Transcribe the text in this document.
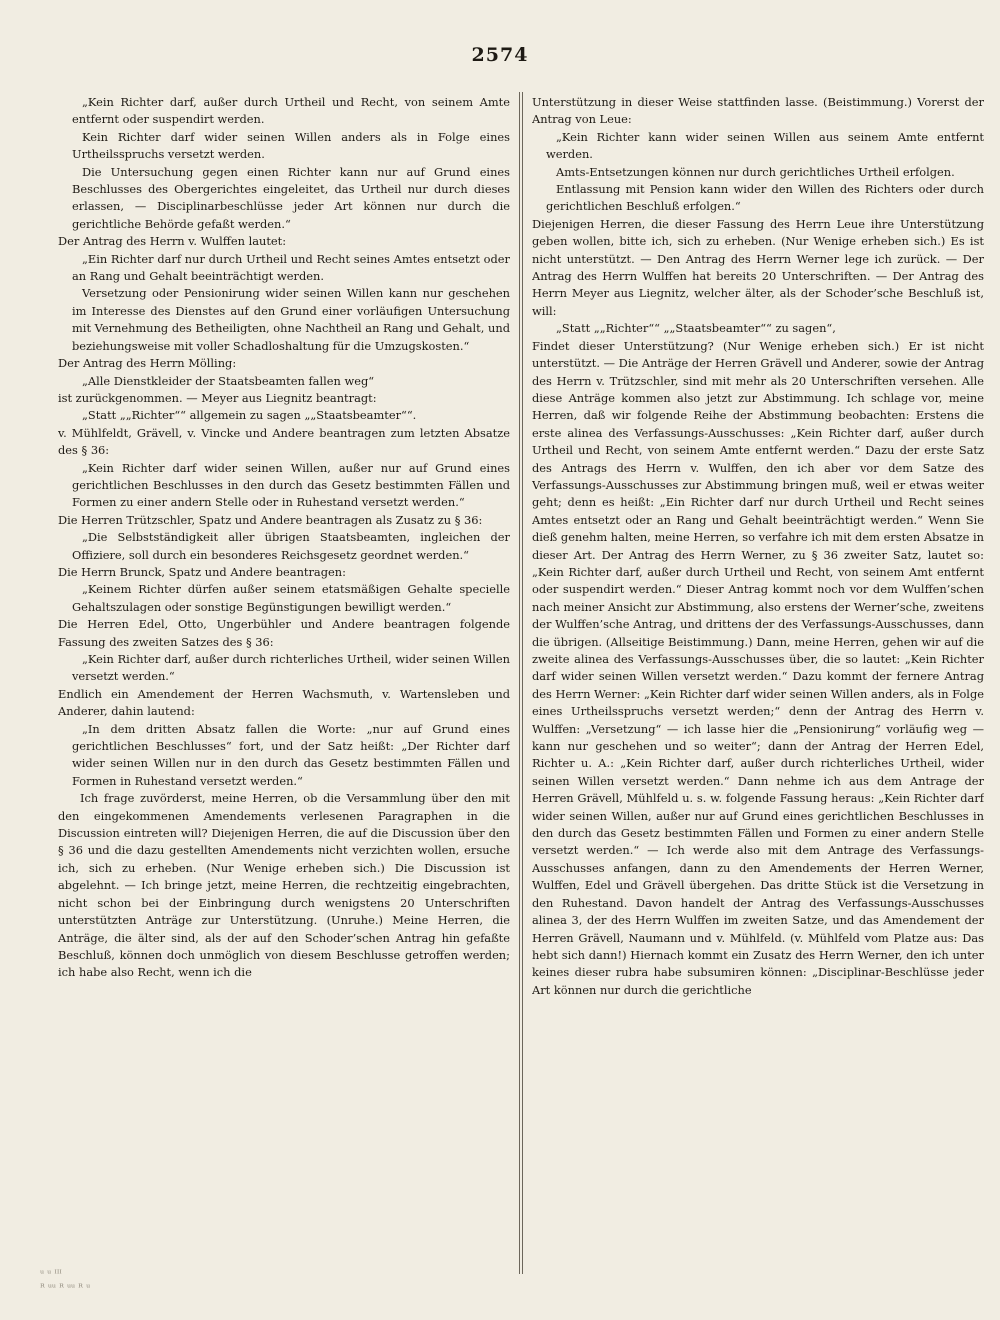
2574

„Kein Richter darf, außer durch Urtheil und Recht, von seinem Amte entfernt oder suspendirt werden.

Kein Richter darf wider seinen Willen anders als in Folge eines Urtheilsspruchs versetzt werden.

Die Untersuchung gegen einen Richter kann nur auf Grund eines Beschlusses des Obergerichtes eingeleitet, das Urtheil nur durch dieses erlassen, — Disciplinarbeschlüsse jeder Art können nur durch die gerichtliche Behörde gefaßt werden.“

Der Antrag des Herrn v. Wulffen lautet:

„Ein Richter darf nur durch Urtheil und Recht seines Amtes entsetzt oder an Rang und Gehalt beeinträchtigt werden.

Versetzung oder Pensionirung wider seinen Willen kann nur geschehen im Interesse des Dienstes auf den Grund einer vorläufigen Untersuchung mit Vernehmung des Betheiligten, ohne Nachtheil an Rang und Gehalt, und beziehungsweise mit voller Schadloshaltung für die Umzugskosten.“

Der Antrag des Herrn Mölling:

„Alle Dienstkleider der Staatsbeamten fallen weg“

ist zurückgenommen. — Meyer aus Liegnitz beantragt:

„Statt „„Richter““ allgemein zu sagen „„Staatsbeamter““.

v. Mühlfeldt, Grävell, v. Vincke und Andere beantragen zum letzten Absatze des § 36:

„Kein Richter darf wider seinen Willen, außer nur auf Grund eines gerichtlichen Beschlusses in den durch das Gesetz bestimmten Fällen und Formen zu einer andern Stelle oder in Ruhestand versetzt werden.“

Die Herren Trützschler, Spatz und Andere beantragen als Zusatz zu § 36:

„Die Selbstständigkeit aller übrigen Staatsbeamten, ingleichen der Offiziere, soll durch ein besonderes Reichsgesetz geordnet werden.“

Die Herrn Brunck, Spatz und Andere beantragen:

„Keinem Richter dürfen außer seinem etatsmäßigen Gehalte specielle Gehaltszulagen oder sonstige Begünstigungen bewilligt werden.“

Die Herren Edel, Otto, Ungerbühler und Andere beantragen folgende Fassung des zweiten Satzes des § 36:

„Kein Richter darf, außer durch richterliches Urtheil, wider seinen Willen versetzt werden.“

Endlich ein Amendement der Herren Wachsmuth, v. Wartensleben und Anderer, dahin lautend:

„In dem dritten Absatz fallen die Worte: „nur auf Grund eines gerichtlichen Beschlusses“ fort, und der Satz heißt: „Der Richter darf wider seinen Willen nur in den durch das Gesetz bestimmten Fällen und Formen in Ruhestand versetzt werden.“

Ich frage zuvörderst, meine Herren, ob die Versammlung über den mit den eingekommenen Amendements verlesenen Paragraphen in die Discussion eintreten will? Diejenigen Herren, die auf die Discussion über den § 36 und die dazu gestellten Amendements nicht verzichten wollen, ersuche ich, sich zu erheben. (Nur Wenige erheben sich.) Die Discussion ist abgelehnt. — Ich bringe jetzt, meine Herren, die rechtzeitig eingebrachten, nicht schon bei der Einbringung durch wenigstens 20 Unterschriften unterstützten Anträge zur Unterstützung. (Unruhe.) Meine Herren, die Anträge, die älter sind, als der auf den Schoder’schen Antrag hin gefaßte Beschluß, können doch unmöglich von diesem Beschlusse getroffen werden; ich habe also Recht, wenn ich die

Unterstützung in dieser Weise stattfinden lasse. (Beistimmung.) Vorerst der Antrag von Leue:

„Kein Richter kann wider seinen Willen aus seinem Amte entfernt werden.

Amts-Entsetzungen können nur durch gerichtliches Urtheil erfolgen.

Entlassung mit Pension kann wider den Willen des Richters oder durch gerichtlichen Beschluß erfolgen.“

Diejenigen Herren, die dieser Fassung des Herrn Leue ihre Unterstützung geben wollen, bitte ich, sich zu erheben. (Nur Wenige erheben sich.) Es ist nicht unterstützt. — Den Antrag des Herrn Werner lege ich zurück. — Der Antrag des Herrn Wulffen hat bereits 20 Unterschriften. — Der Antrag des Herrn Meyer aus Liegnitz, welcher älter, als der Schoder’sche Beschluß ist, will:

„Statt „„Richter““ „„Staatsbeamter““ zu sagen“,

Findet dieser Unterstützung? (Nur Wenige erheben sich.) Er ist nicht unterstützt. — Die Anträge der Herren Grävell und Anderer, sowie der Antrag des Herrn v. Trützschler, sind mit mehr als 20 Unterschriften versehen. Alle diese Anträge kommen also jetzt zur Abstimmung. Ich schlage vor, meine Herren, daß wir folgende Reihe der Abstimmung beobachten: Erstens die erste alinea des Verfassungs-Ausschusses: „Kein Richter darf, außer durch Urtheil und Recht, von seinem Amte entfernt werden.“ Dazu der erste Satz des Antrags des Herrn v. Wulffen, den ich aber vor dem Satze des Verfassungs-Ausschusses zur Abstimmung bringen muß, weil er etwas weiter geht; denn es heißt: „Ein Richter darf nur durch Urtheil und Recht seines Amtes entsetzt oder an Rang und Gehalt beeinträchtigt werden.“ Wenn Sie dieß genehm halten, meine Herren, so verfahre ich mit dem ersten Absatze in dieser Art. Der Antrag des Herrn Werner, zu § 36 zweiter Satz, lautet so: „Kein Richter darf, außer durch Urtheil und Recht, von seinem Amt entfernt oder suspendirt werden.“ Dieser Antrag kommt noch vor dem Wulffen’schen nach meiner Ansicht zur Abstimmung, also erstens der Werner’sche, zweitens der Wulffen’sche Antrag, und drittens der des Verfassungs-Ausschusses, dann die übrigen. (Allseitige Beistimmung.) Dann, meine Herren, gehen wir auf die zweite alinea des Verfassungs-Ausschusses über, die so lautet: „Kein Richter darf wider seinen Willen versetzt werden.“ Dazu kommt der fernere Antrag des Herrn Werner: „Kein Richter darf wider seinen Willen anders, als in Folge eines Urtheilsspruchs versetzt werden;“ denn der Antrag des Herrn v. Wulffen: „Versetzung“ — ich lasse hier die „Pensionirung“ vorläufig weg — kann nur geschehen und so weiter“; dann der Antrag der Herren Edel, Richter u. A.: „Kein Richter darf, außer durch richterliches Urtheil, wider seinen Willen versetzt werden.“ Dann nehme ich aus dem Antrage der Herren Grävell, Mühlfeld u. s. w. folgende Fassung heraus: „Kein Richter darf wider seinen Willen, außer nur auf Grund eines gerichtlichen Beschlusses in den durch das Gesetz bestimmten Fällen und Formen zu einer andern Stelle versetzt werden.“ — Ich werde also mit dem Antrage des Verfassungs-Ausschusses anfangen, dann zu den Amendements der Herren Werner, Wulffen, Edel und Grävell übergehen. Das dritte Stück ist die Versetzung in den Ruhestand. Davon handelt der Antrag des Verfassungs-Ausschusses alinea 3, der des Herrn Wulffen im zweiten Satze, und das Amendement der Herren Grävell, Naumann und v. Mühlfeld. (v. Mühlfeld vom Platze aus: Das hebt sich dann!) Hiernach kommt ein Zusatz des Herrn Werner, den ich unter keines dieser rubra habe subsumiren können: „Disciplinar-Beschlüsse jeder Art können nur durch die gerichtliche

ᵘ ᵘ ᴵᴵᴵ
ᴿ ᵘᵘ ᴿ ᵘᵘ ᴿ ᵘ
